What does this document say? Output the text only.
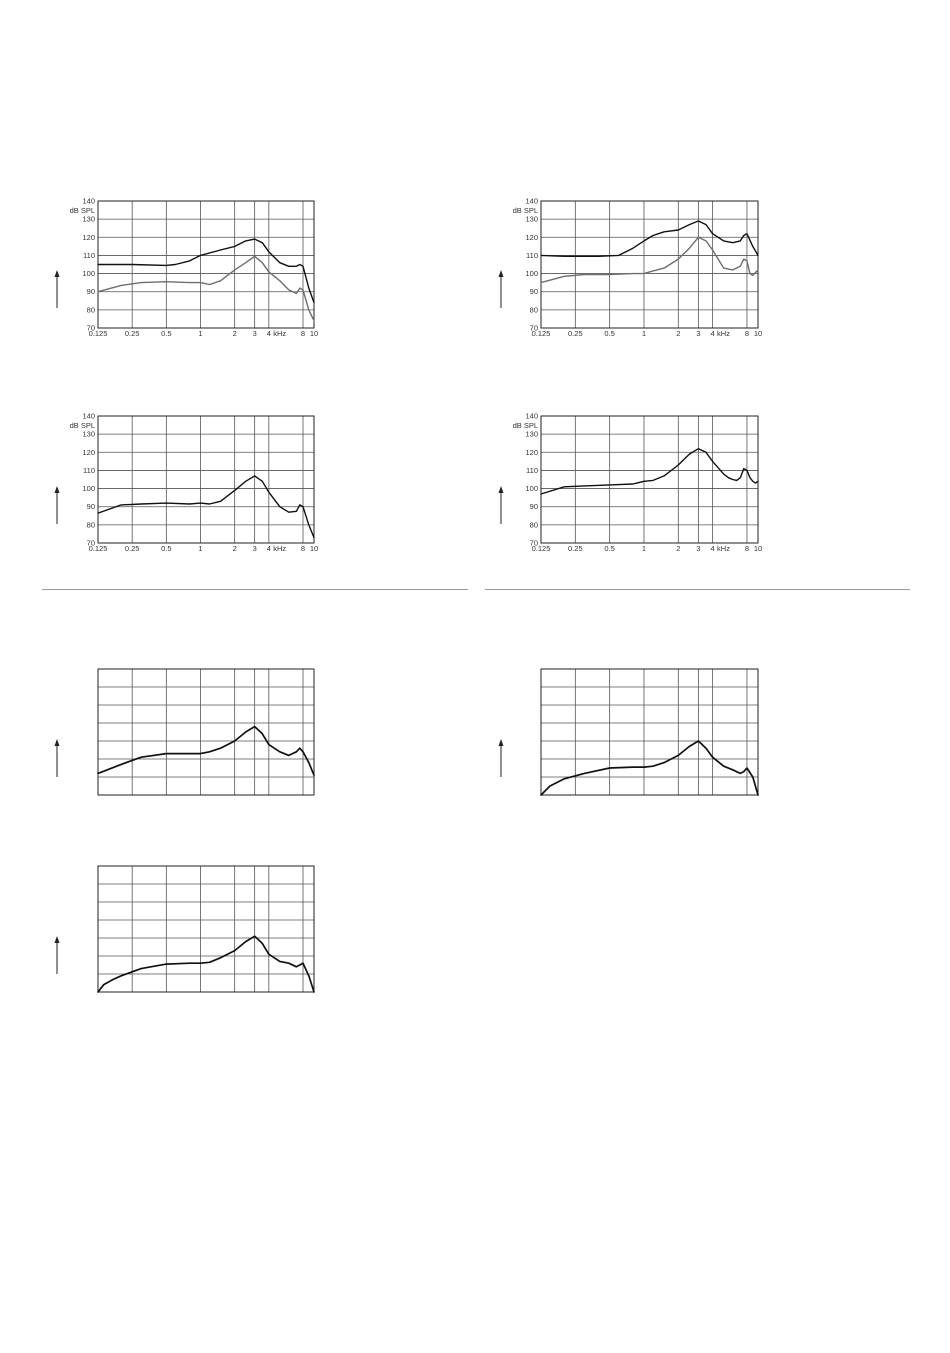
140
130
120
110
100
90
80
70
dB SPL
0.125 0.25	0.5	1	2 3 4	8 10
kHz
140
130
120
110
100
90
80
70
dB SPL
0.125 0.25	0.5	1	2 3 4	8 10
kHz
140
130
120
110
100
90
80
70
dB SPL
0.125 0.25	0.5	1	2 3 4	8 10
kHz
140
130
120
110
100
90
80
70
dB SPL
0.125 0.25	0.5	1	2 3 4	8 10
kHz
